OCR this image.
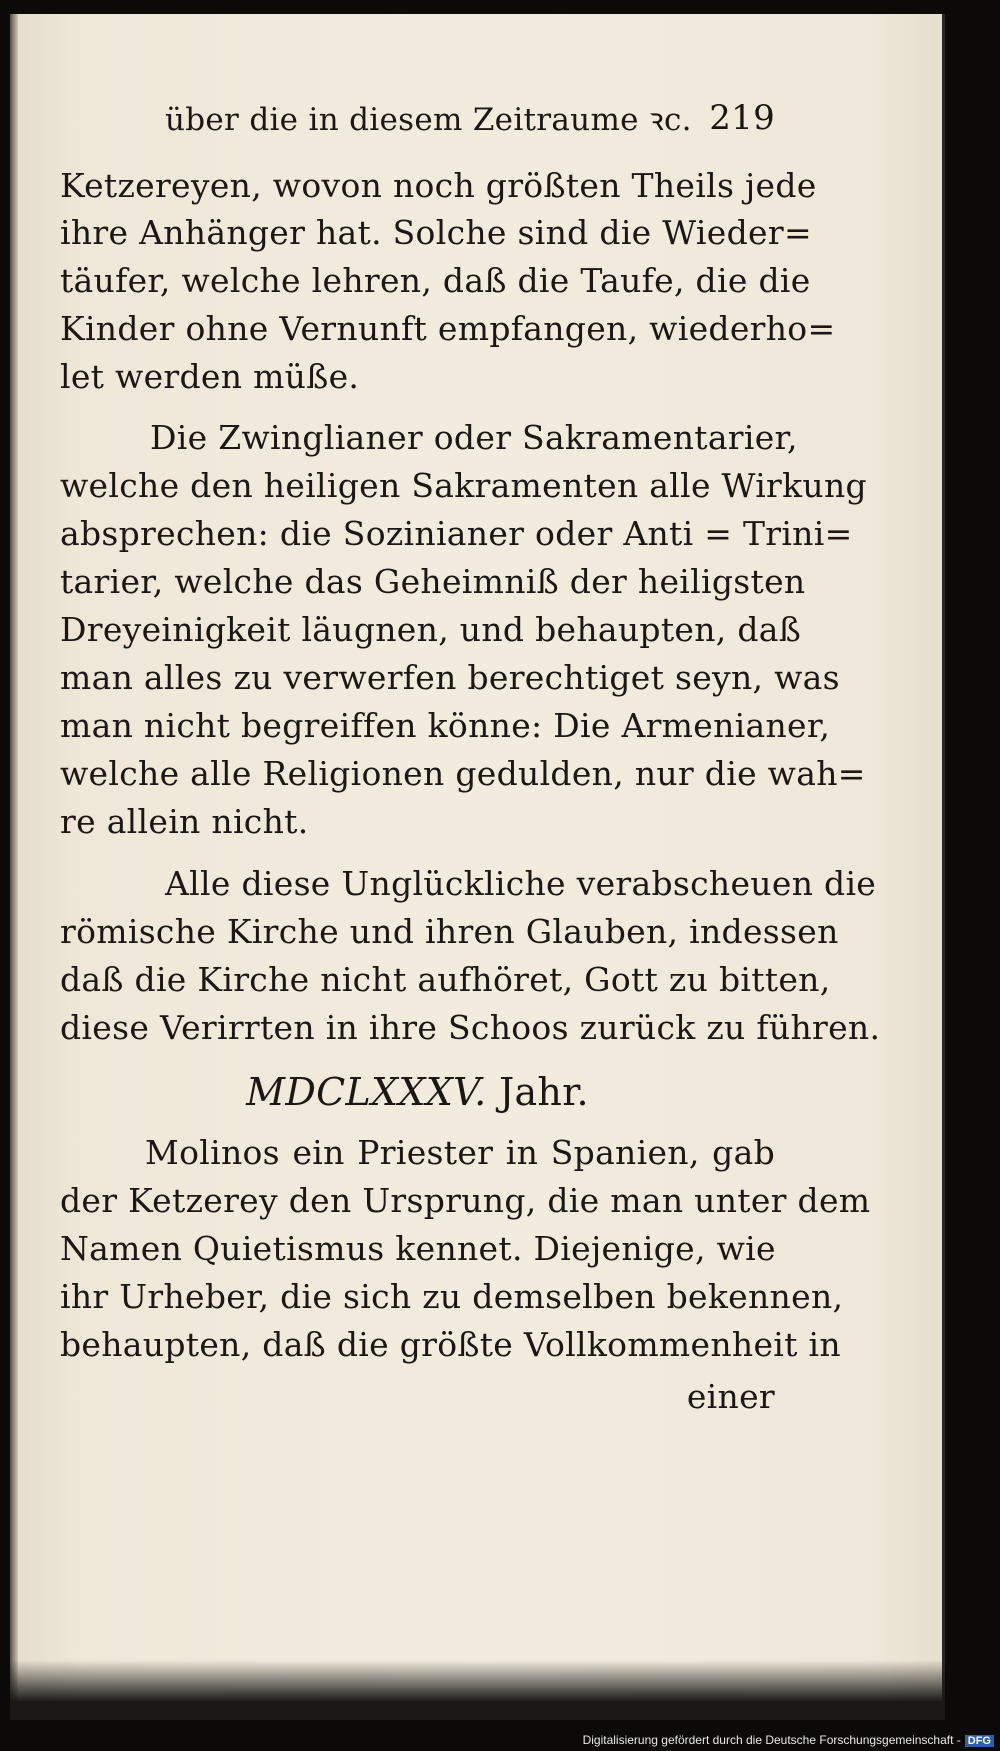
über die in diesem Zeitraume ꝛc. 219
Ketzereyen, wovon noch größten Theils jede
ihre Anhänger hat. Solche sind die Wieder=
täufer, welche lehren, daß die Taufe, die die
Kinder ohne Vernunft empfangen, wiederho=
let werden müße.
Die Zwinglianer oder Sakramentarier,
welche den heiligen Sakramenten alle Wirkung
absprechen: die Sozinianer oder Anti = Trini=
tarier, welche das Geheimniß der heiligsten
Dreyeinigkeit läugnen, und behaupten, daß
man alles zu verwerfen berechtiget seyn, was
man nicht begreiffen könne: Die Armenianer,
welche alle Religionen gedulden, nur die wah=
re allein nicht.
Alle diese Unglückliche verabscheuen die
römische Kirche und ihren Glauben, indessen
daß die Kirche nicht aufhöret, Gott zu bitten,
diese Verirrten in ihre Schoos zurück zu führen.
MDCLXXXV. Jahr.
Molinos ein Priester in Spanien, gab
der Ketzerey den Ursprung, die man unter dem
Namen Quietismus kennet. Diejenige, wie
ihr Urheber, die sich zu demselben bekennen,
behaupten, daß die größte Vollkommenheit in
einer
Digitalisierung gefördert durch die Deutsche Forschungsgemeinschaft - DFG
